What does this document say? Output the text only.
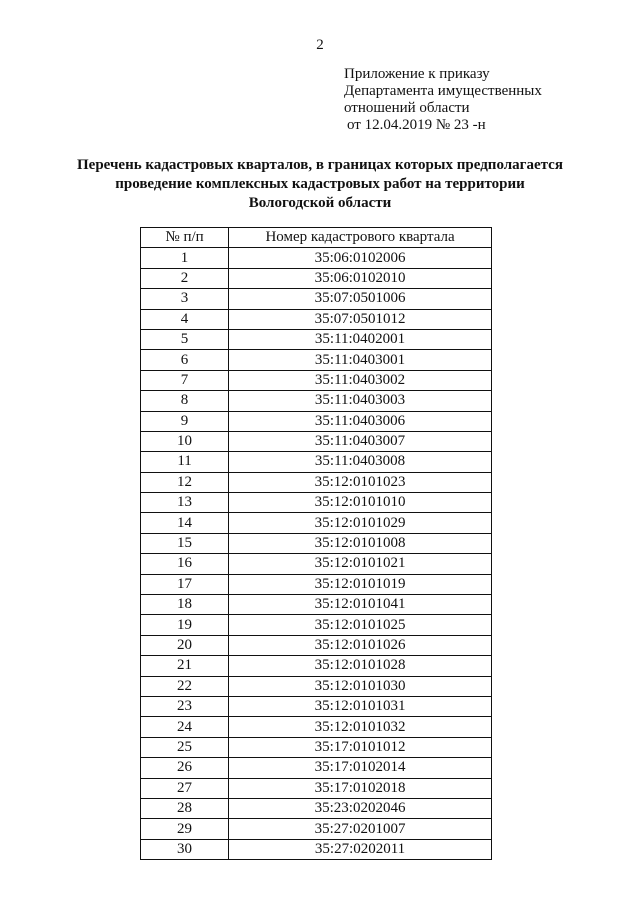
2
Приложение к приказу
Департамента имущественных
отношений области
от 12.04.2019 № 23 -н
Перечень кадастровых кварталов, в границах которых предполагается
проведение комплексных кадастровых работ на территории
Вологодской области
№ п/п	Номер кадастрового квартала
1	35:06:0102006
2	35:06:0102010
3	35:07:0501006
4	35:07:0501012
5	35:11:0402001
6	35:11:0403001
7	35:11:0403002
8	35:11:0403003
9	35:11:0403006
10	35:11:0403007
11	35:11:0403008
12	35:12:0101023
13	35:12:0101010
14	35:12:0101029
15	35:12:0101008
16	35:12:0101021
17	35:12:0101019
18	35:12:0101041
19	35:12:0101025
20	35:12:0101026
21	35:12:0101028
22	35:12:0101030
23	35:12:0101031
24	35:12:0101032
25	35:17:0101012
26	35:17:0102014
27	35:17:0102018
28	35:23:0202046
29	35:27:0201007
30	35:27:0202011
